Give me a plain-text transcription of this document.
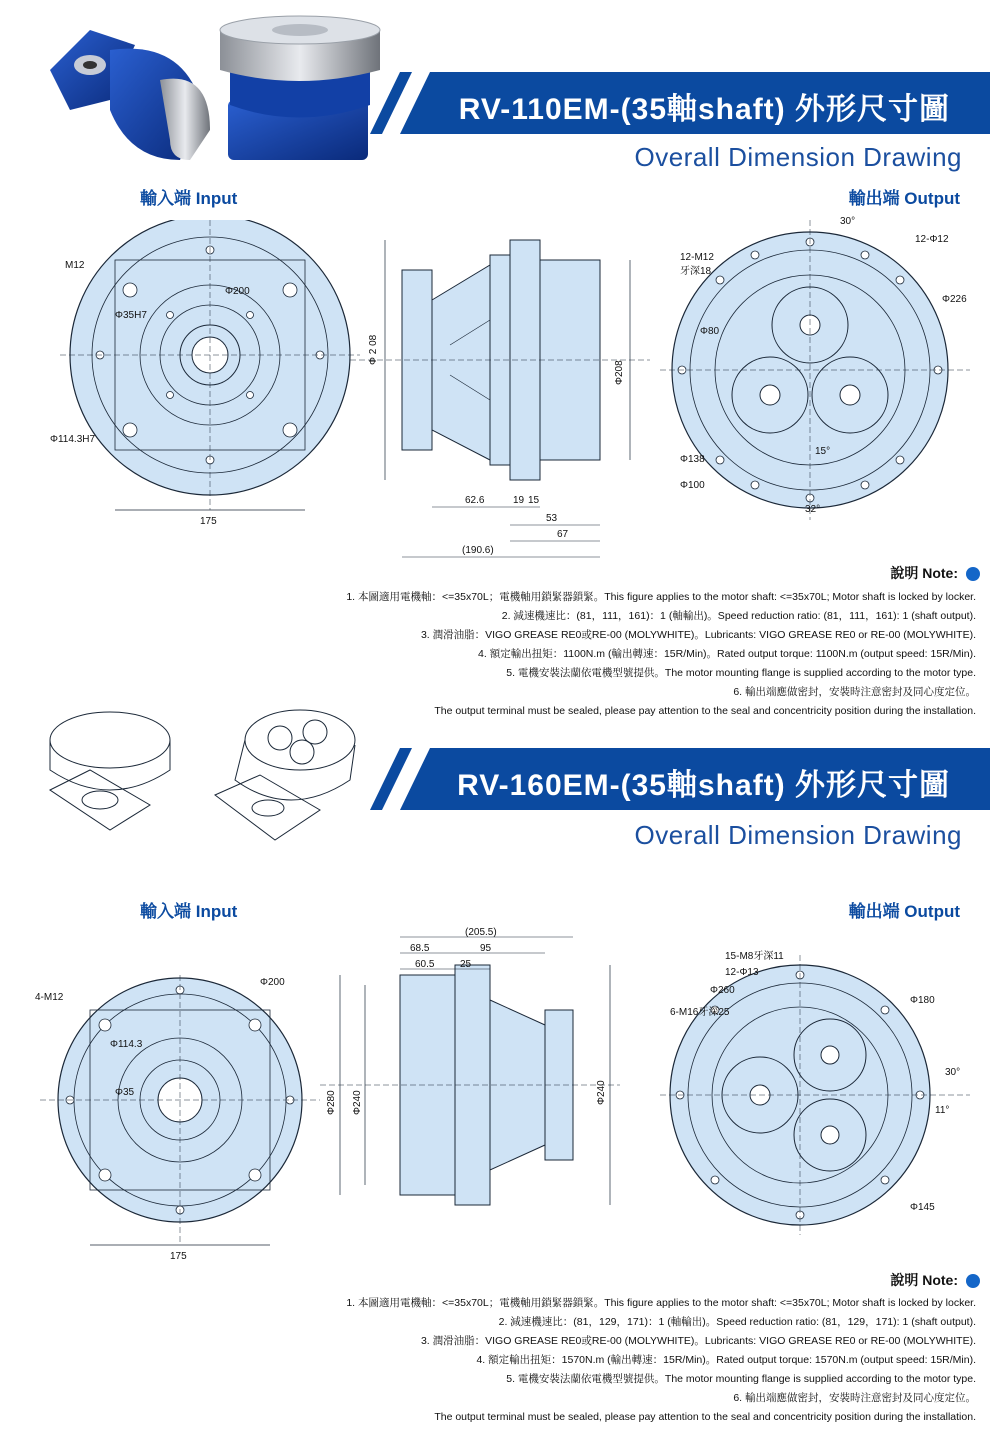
RV-110EM-(35軸shaft) 外形尺寸圖
Overall Dimension Drawing
輸出端 Output
輸入端 Input
M12
Φ200
Φ35H7
Φ114.3H7
175
Φ 2 08
Φ208
62.6	19 15
53
67
(190.6)
12-M12
牙深18
30°
12-Φ12
Φ226
Φ80
Φ138
Φ100
15°
32°
說明 Note:
1. 本圖適用電機軸：<=35x70L；電機軸用鎖緊器鎖緊。This figure applies to the motor shaft: <=35x70L; Motor shaft is locked by locker.
2. 減速機速比：(81，111，161)：1 (軸輸出)。Speed reduction ratio: (81，111，161): 1 (shaft output).
3. 潤滑油脂：VIGO GREASE RE0或RE-00 (MOLYWHITE)。Lubricants: VIGO GREASE RE0 or RE-00 (MOLYWHITE).
4. 額定輸出扭矩：1100N.m (輸出轉速：15R/Min)。Rated output torque: 1100N.m (output speed: 15R/Min).
5. 電機安裝法蘭依電機型號提供。The motor mounting flange is supplied according to the motor type.
6. 輸出端應做密封，安裝時注意密封及同心度定位。
The output terminal must be sealed, please pay attention to the seal and concentricity position during the installation.
RV-160EM-(35軸shaft) 外形尺寸圖
Overall Dimension Drawing
輸出端 Output
輸入端 Input
4-M12
Φ200
Φ114.3
Φ35
175
Φ280 Φ240	Φ240
(205.5)
95
68.5
60.5	25
15-M8牙深11
12-Φ13
Φ260
6-M16牙深25
Φ180
Φ145
30°
11°
說明 Note:
1. 本圖適用電機軸：<=35x70L；電機軸用鎖緊器鎖緊。This figure applies to the motor shaft: <=35x70L; Motor shaft is locked by locker.
2. 減速機速比：(81，129，171)：1 (軸輸出)。Speed reduction ratio: (81，129，171): 1 (shaft output).
3. 潤滑油脂：VIGO GREASE RE0或RE-00 (MOLYWHITE)。Lubricants: VIGO GREASE RE0 or RE-00 (MOLYWHITE).
4. 額定輸出扭矩：1570N.m (輸出轉速：15R/Min)。Rated output torque: 1570N.m (output speed: 15R/Min).
5. 電機安裝法蘭依電機型號提供。The motor mounting flange is supplied according to the motor type.
6. 輸出端應做密封，安裝時注意密封及同心度定位。
The output terminal must be sealed, please pay attention to the seal and concentricity position during the installation.
